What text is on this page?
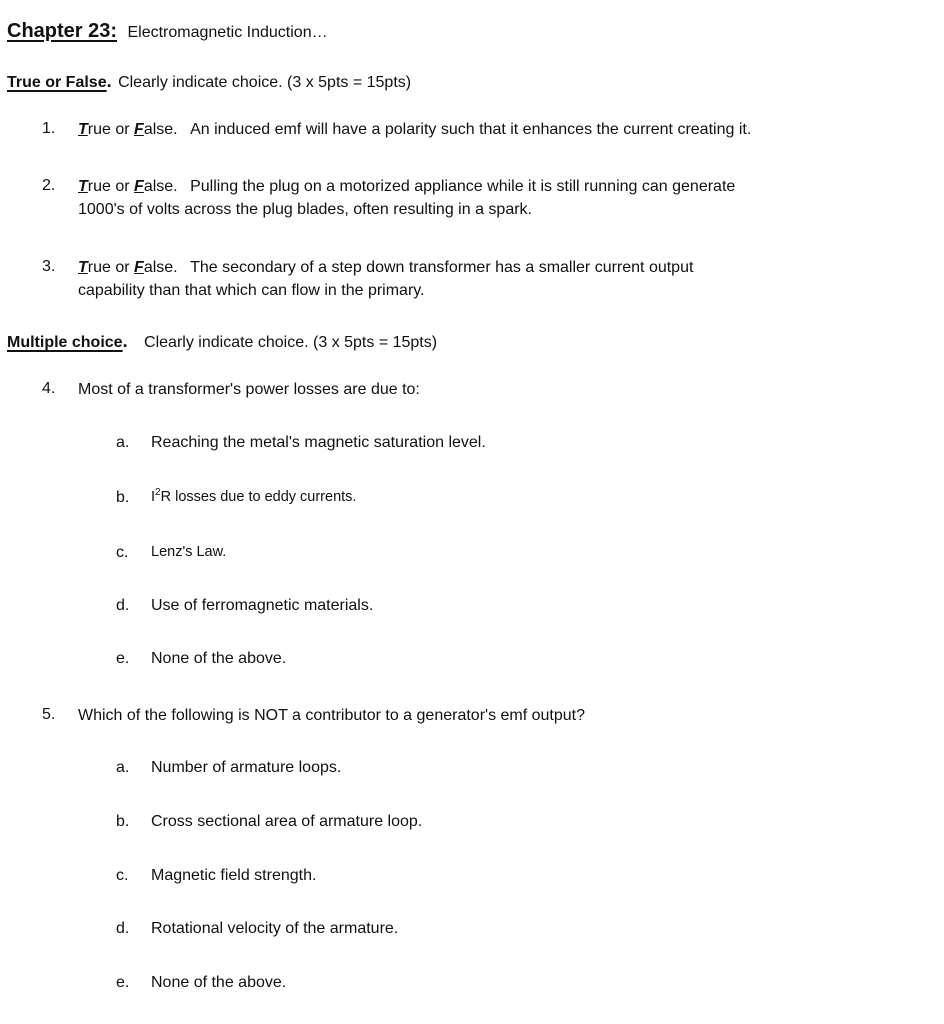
Chapter 23: Electromagnetic Induction…
True or False. Clearly indicate choice. (3 x 5pts = 15pts)
1. True or False. An induced emf will have a polarity such that it enhances the current creating it.
2. True or False. Pulling the plug on a motorized appliance while it is still running can generate
1000's of volts across the plug blades, often resulting in a spark.
3. True or False. The secondary of a step down transformer has a smaller current output
capability than that which can flow in the primary.
Multiple choice. Clearly indicate choice. (3 x 5pts = 15pts)
4. Most of a transformer's power losses are due to:
a. Reaching the metal's magnetic saturation level.
b. $I^2R$ losses due to eddy currents.
c. Lenz's Law.
d. Use of ferromagnetic materials.
e. None of the above.
5. Which of the following is NOT a contributor to a generator's emf output?
a. Number of armature loops.
b. Cross sectional area of armature loop.
c. Magnetic field strength.
d. Rotational velocity of the armature.
e. None of the above.
